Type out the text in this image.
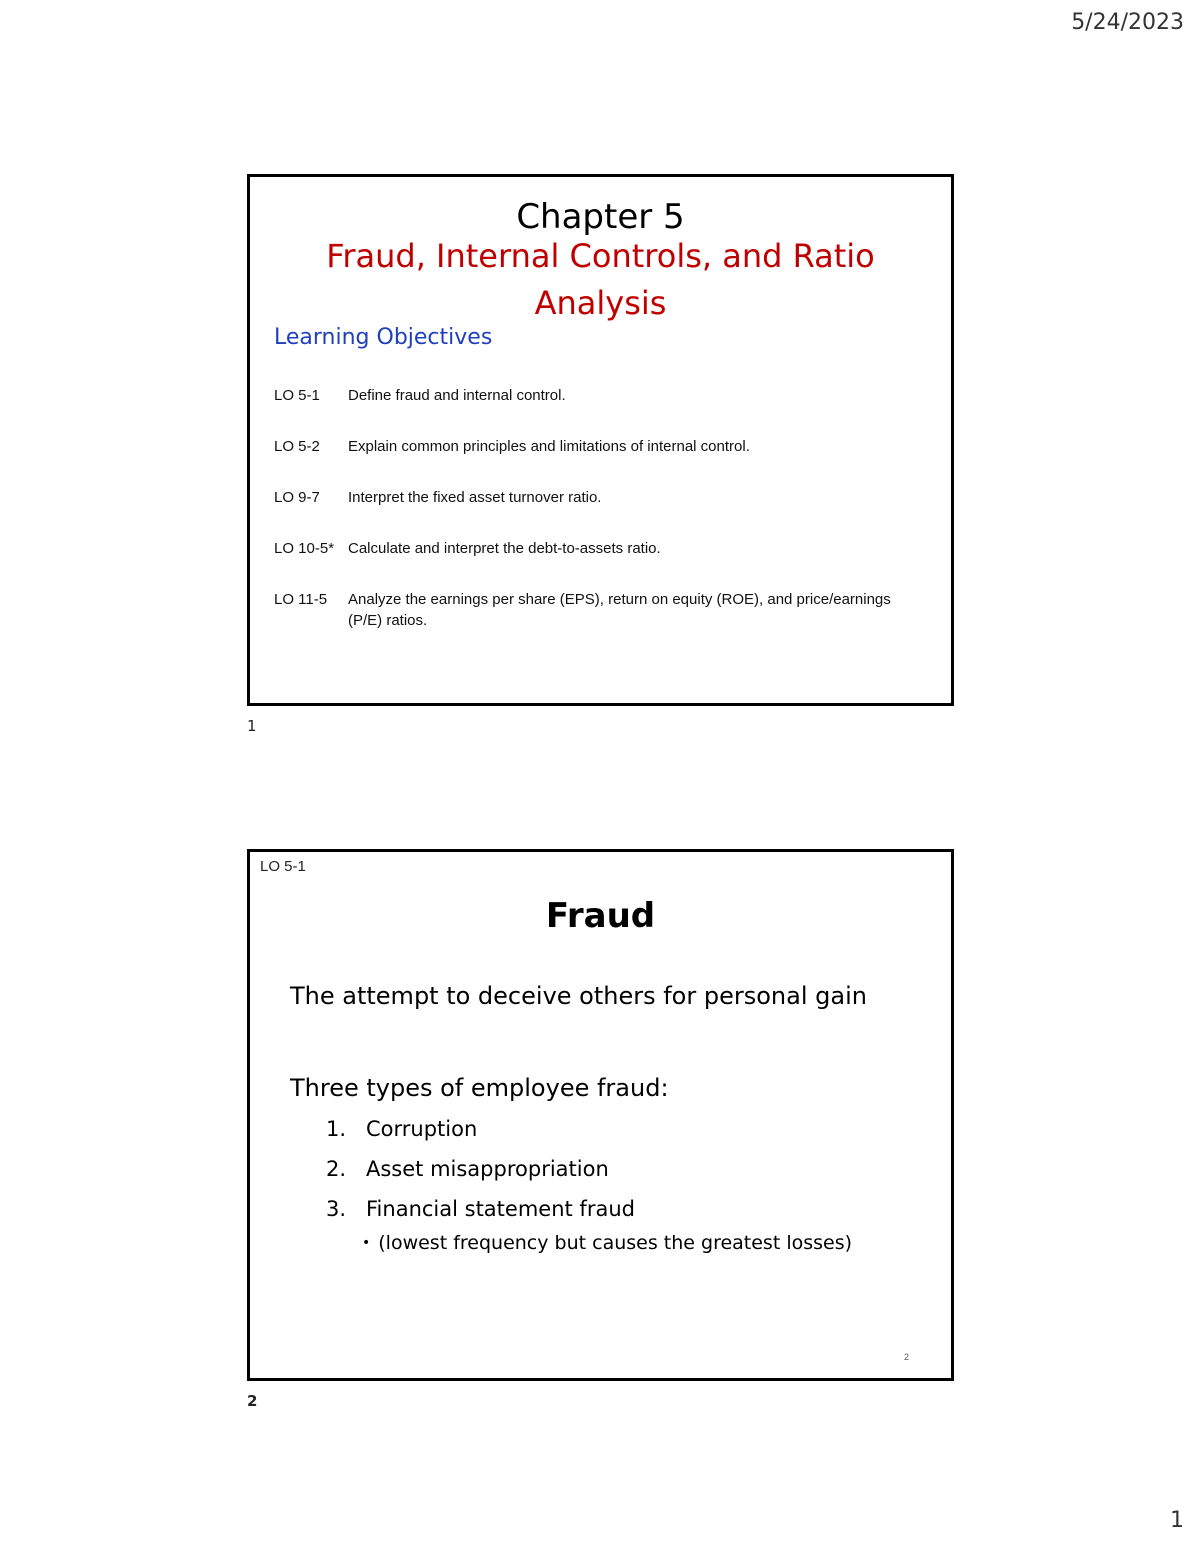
5/24/2023
Chapter 5
Fraud, Internal Controls, and Ratio Analysis
Learning Objectives
LO 5-1	Define fraud and internal control.
LO 5-2	Explain common principles and limitations of internal control.
LO 9-7	Interpret the fixed asset turnover ratio.
LO 10-5* Calculate and interpret the debt-to-assets ratio.
LO 11-5	Analyze the earnings per share (EPS), return on equity (ROE), and price/earnings (P/E) ratios.
1
LO 5-1
Fraud
The attempt to deceive others for personal gain
Three types of employee fraud:
1. Corruption
2. Asset misappropriation
3. Financial statement fraud
• (lowest frequency but causes the greatest losses)
2
2
1
